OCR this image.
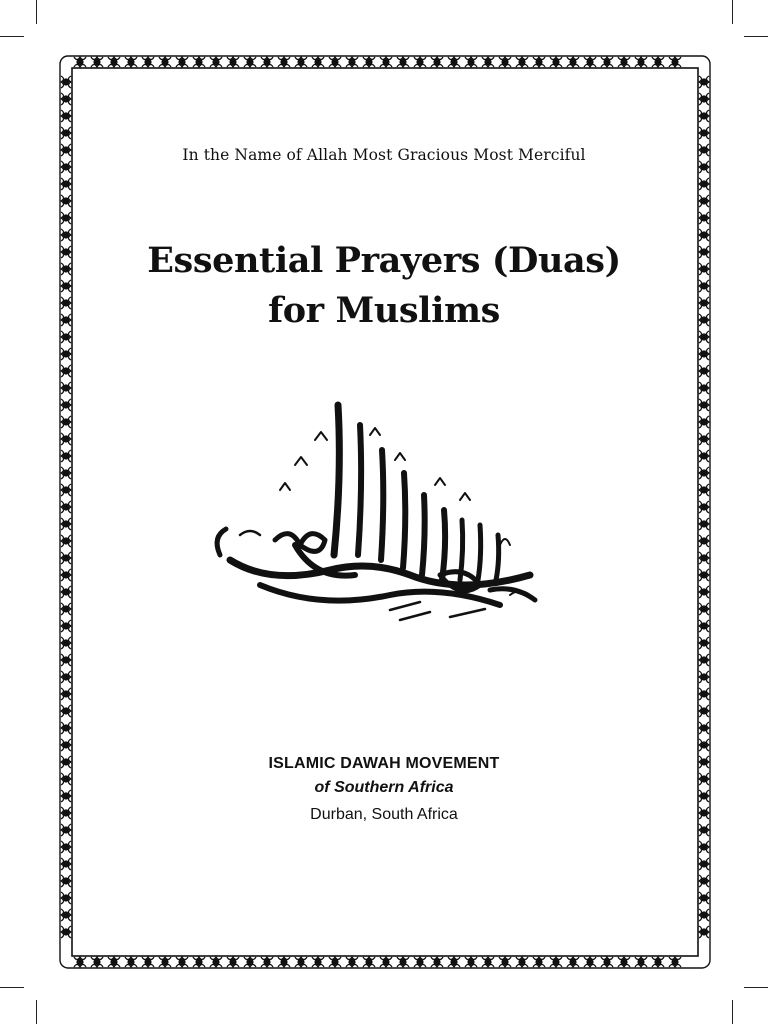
In the Name of Allah Most Gracious Most Merciful
Essential Prayers (Duas)
for Muslims
ISLAMIC DAWAH MOVEMENT
of Southern Africa
Durban, South Africa
